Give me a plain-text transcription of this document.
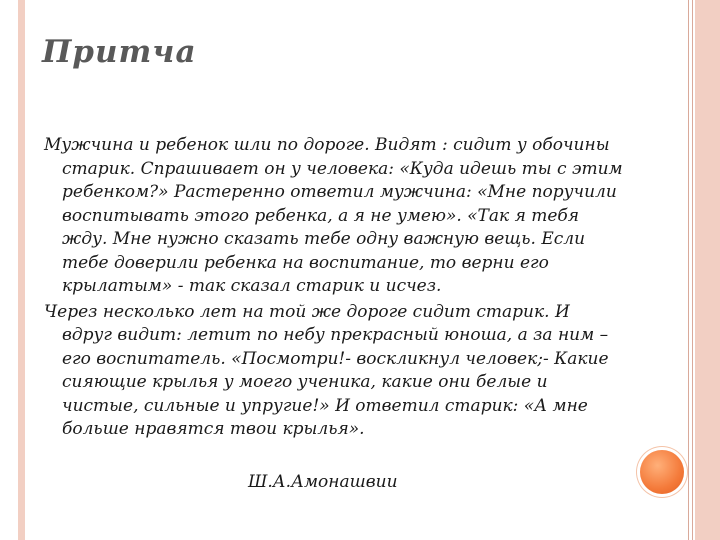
Притча

Мужчина и ребенок шли по дороге. Видят : сидит у обочины старик. Спрашивает он у человека: «Куда идешь ты с этим ребенком?» Растеренно ответил мужчина: «Мне поручили воспитывать этого ребенка, а я не умею». «Так я тебя жду. Мне нужно сказать тебе одну важную вещь. Если тебе доверили ребенка на воспитание, то верни его крылатым» - так сказал старик и исчез.

Через несколько лет на той же дороге сидит старик. И вдруг видит: летит по небу прекрасный юноша, а за ним – его воспитатель. «Посмотри!- воскликнул человек;- Какие сияющие крылья у моего ученика, какие они белые и чистые, сильные и упругие!» И ответил старик: «А мне больше нравятся твои крылья».

Ш.А.Амонашвии
